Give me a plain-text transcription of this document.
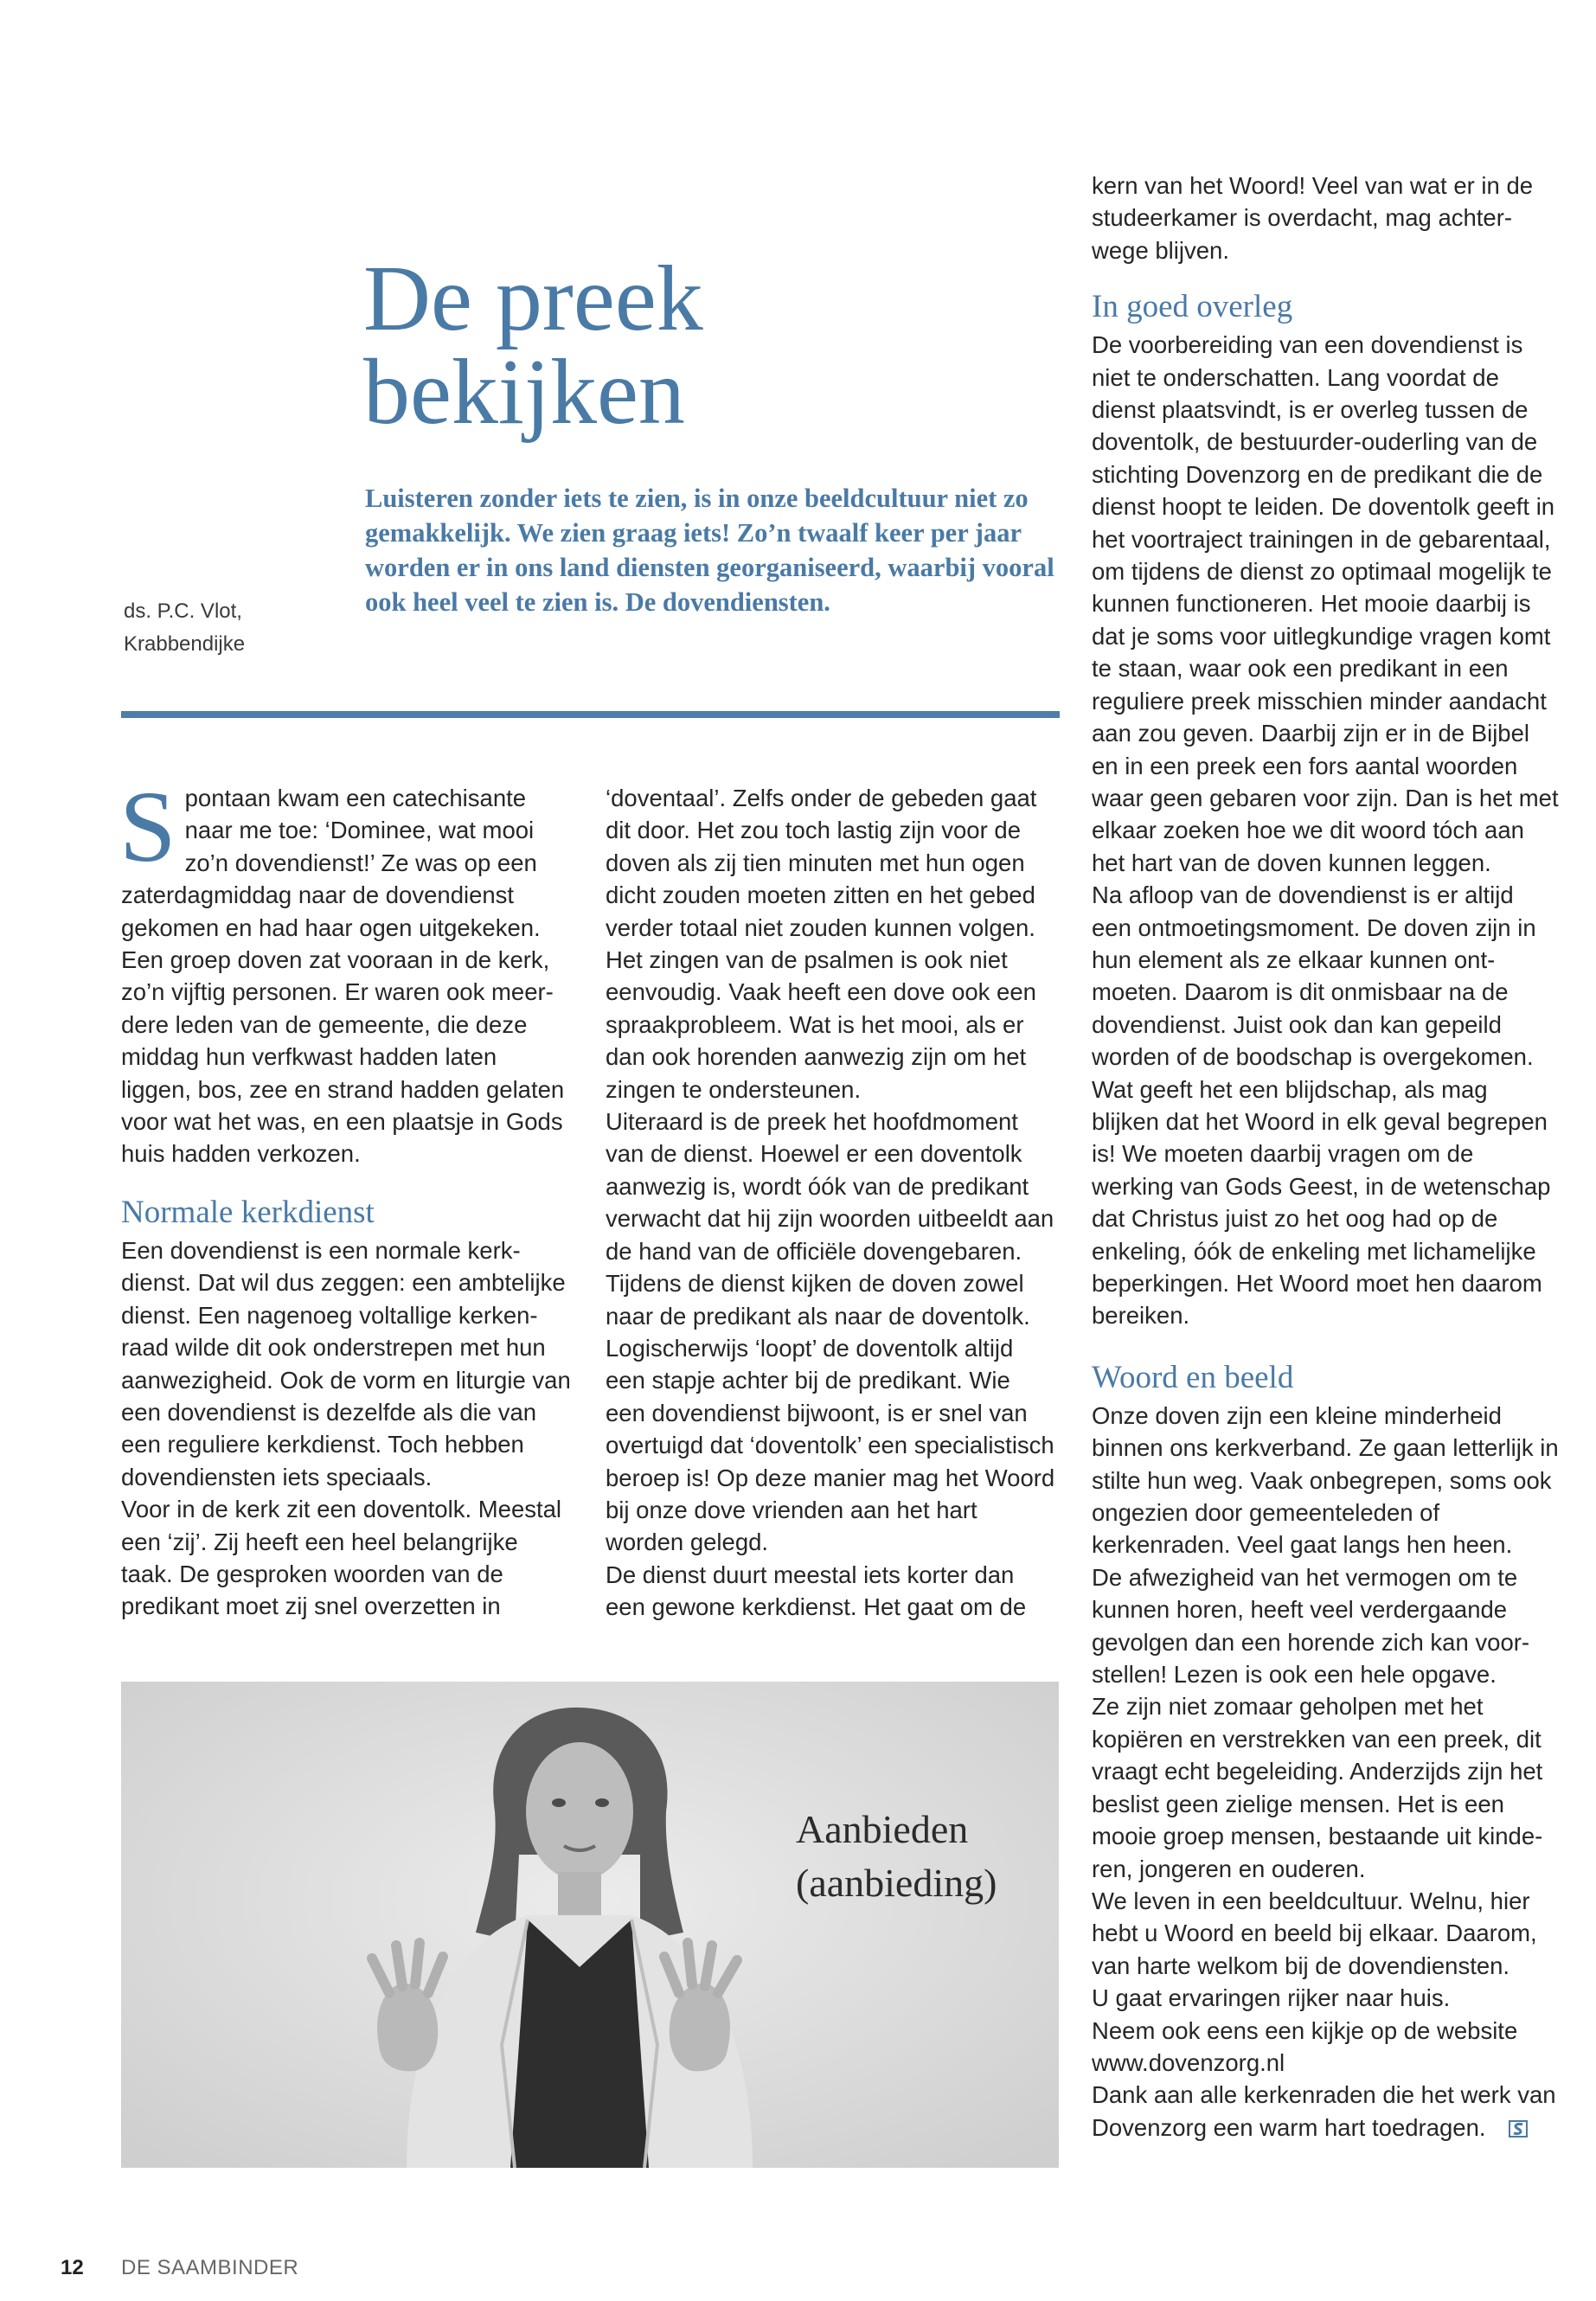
De preek
bekijken
Luisteren zonder iets te zien, is in onze beeldcultuur niet zo gemakkelijk. We zien graag iets! Zo’n twaalf keer per jaar worden er in ons land diensten georganiseerd, waarbij vooral ook heel veel te zien is. De dovendiensten.
ds. P.C. Vlot,
Krabbendijke

Spontaan kwam een catechisante naar me toe: ‘Dominee, wat mooi zo’n dovendienst!’ Ze was op een zaterdagmiddag naar de dovendienst gekomen en had haar ogen uitgekeken. Een groep doven zat vooraan in de kerk, zo’n vijftig personen. Er waren ook meerdere leden van de gemeente, die deze middag hun verfkwast hadden laten liggen, bos, zee en strand hadden gelaten voor wat het was, en een plaatsje in Gods huis hadden verkozen.

Normale kerkdienst

Een dovendienst is een normale kerkdienst. Dat wil dus zeggen: een ambtelijke dienst. Een nagenoeg voltallige kerkenraad wilde dit ook onderstrepen met hun aanwezigheid. Ook de vorm en liturgie van een dovendienst is dezelfde als die van een reguliere kerkdienst. Toch hebben dovendiensten iets speciaals.

Voor in de kerk zit een doventolk. Meestal een ‘zij’. Zij heeft een heel belangrijke taak. De gesproken woorden van de predikant moet zij snel overzetten in

‘doventaal’. Zelfs onder de gebeden gaat dit door. Het zou toch lastig zijn voor de doven als zij tien minuten met hun ogen dicht zouden moeten zitten en het gebed verder totaal niet zouden kunnen volgen. Het zingen van de psalmen is ook niet eenvoudig. Vaak heeft een dove ook een spraakprobleem. Wat is het mooi, als er dan ook horenden aanwezig zijn om het zingen te ondersteunen.

Uiteraard is de preek het hoofdmoment van de dienst. Hoewel er een doventolk aanwezig is, wordt óók van de predikant verwacht dat hij zijn woorden uitbeeldt aan de hand van de officiële dovengebaren. Tijdens de dienst kijken de doven zowel naar de predikant als naar de doventolk. Logischerwijs ‘loopt’ de doventolk altijd een stapje achter bij de predikant. Wie een dovendienst bijwoont, is er snel van overtuigd dat ‘doventolk’ een specialistisch beroep is! Op deze manier mag het Woord bij onze dove vrienden aan het hart worden gelegd.

De dienst duurt meestal iets korter dan een gewone kerkdienst. Het gaat om de

kern van het Woord! Veel van wat er in de studeerkamer is overdacht, mag achterwege blijven.

In goed overleg

De voorbereiding van een dovendienst is niet te onderschatten. Lang voordat de dienst plaatsvindt, is er overleg tussen de doventolk, de bestuurder-ouderling van de stichting Dovenzorg en de predikant die de dienst hoopt te leiden. De doventolk geeft in het voortraject trainingen in de gebarentaal, om tijdens de dienst zo optimaal mogelijk te kunnen functioneren. Het mooie daarbij is dat je soms voor uitlegkundige vragen komt te staan, waar ook een predikant in een reguliere preek misschien minder aandacht aan zou geven. Daarbij zijn er in de Bijbel en in een preek een fors aantal woorden waar geen gebaren voor zijn. Dan is het met elkaar zoeken hoe we dit woord tóch aan het hart van de doven kunnen leggen.

Na afloop van de dovendienst is er altijd een ontmoetingsmoment. De doven zijn in hun element als ze elkaar kunnen ontmoeten. Daarom is dit onmisbaar na de dovendienst. Juist ook dan kan gepeild worden of de boodschap is overgekomen. Wat geeft het een blijdschap, als mag blijken dat het Woord in elk geval begrepen is! We moeten daarbij vragen om de werking van Gods Geest, in de wetenschap dat Christus juist zo het oog had op de enkeling, óók de enkeling met lichamelijke beperkingen. Het Woord moet hen daarom bereiken.

Woord en beeld

Onze doven zijn een kleine minderheid binnen ons kerkverband. Ze gaan letterlijk in stilte hun weg. Vaak onbegrepen, soms ook ongezien door gemeenteleden of kerkenraden. Veel gaat langs hen heen.

De afwezigheid van het vermogen om te kunnen horen, heeft veel verdergaande gevolgen dan een horende zich kan voorstellen! Lezen is ook een hele opgave.

Ze zijn niet zomaar geholpen met het kopiëren en verstrekken van een preek, dit vraagt echt begeleiding. Anderzijds zijn het beslist geen zielige mensen. Het is een mooie groep mensen, bestaande uit kinderen, jongeren en ouderen.

We leven in een beeldcultuur. Welnu, hier hebt u Woord en beeld bij elkaar. Daarom, van harte welkom bij de dovendiensten.

U gaat ervaringen rijker naar huis.

Neem ook eens een kijkje op de website www.dovenzorg.nl

Dank aan alle kerkenraden die het werk van Dovenzorg een warm hart toedragen.

Aanbieden
(aanbieding)
12 DE SAAMBINDER
